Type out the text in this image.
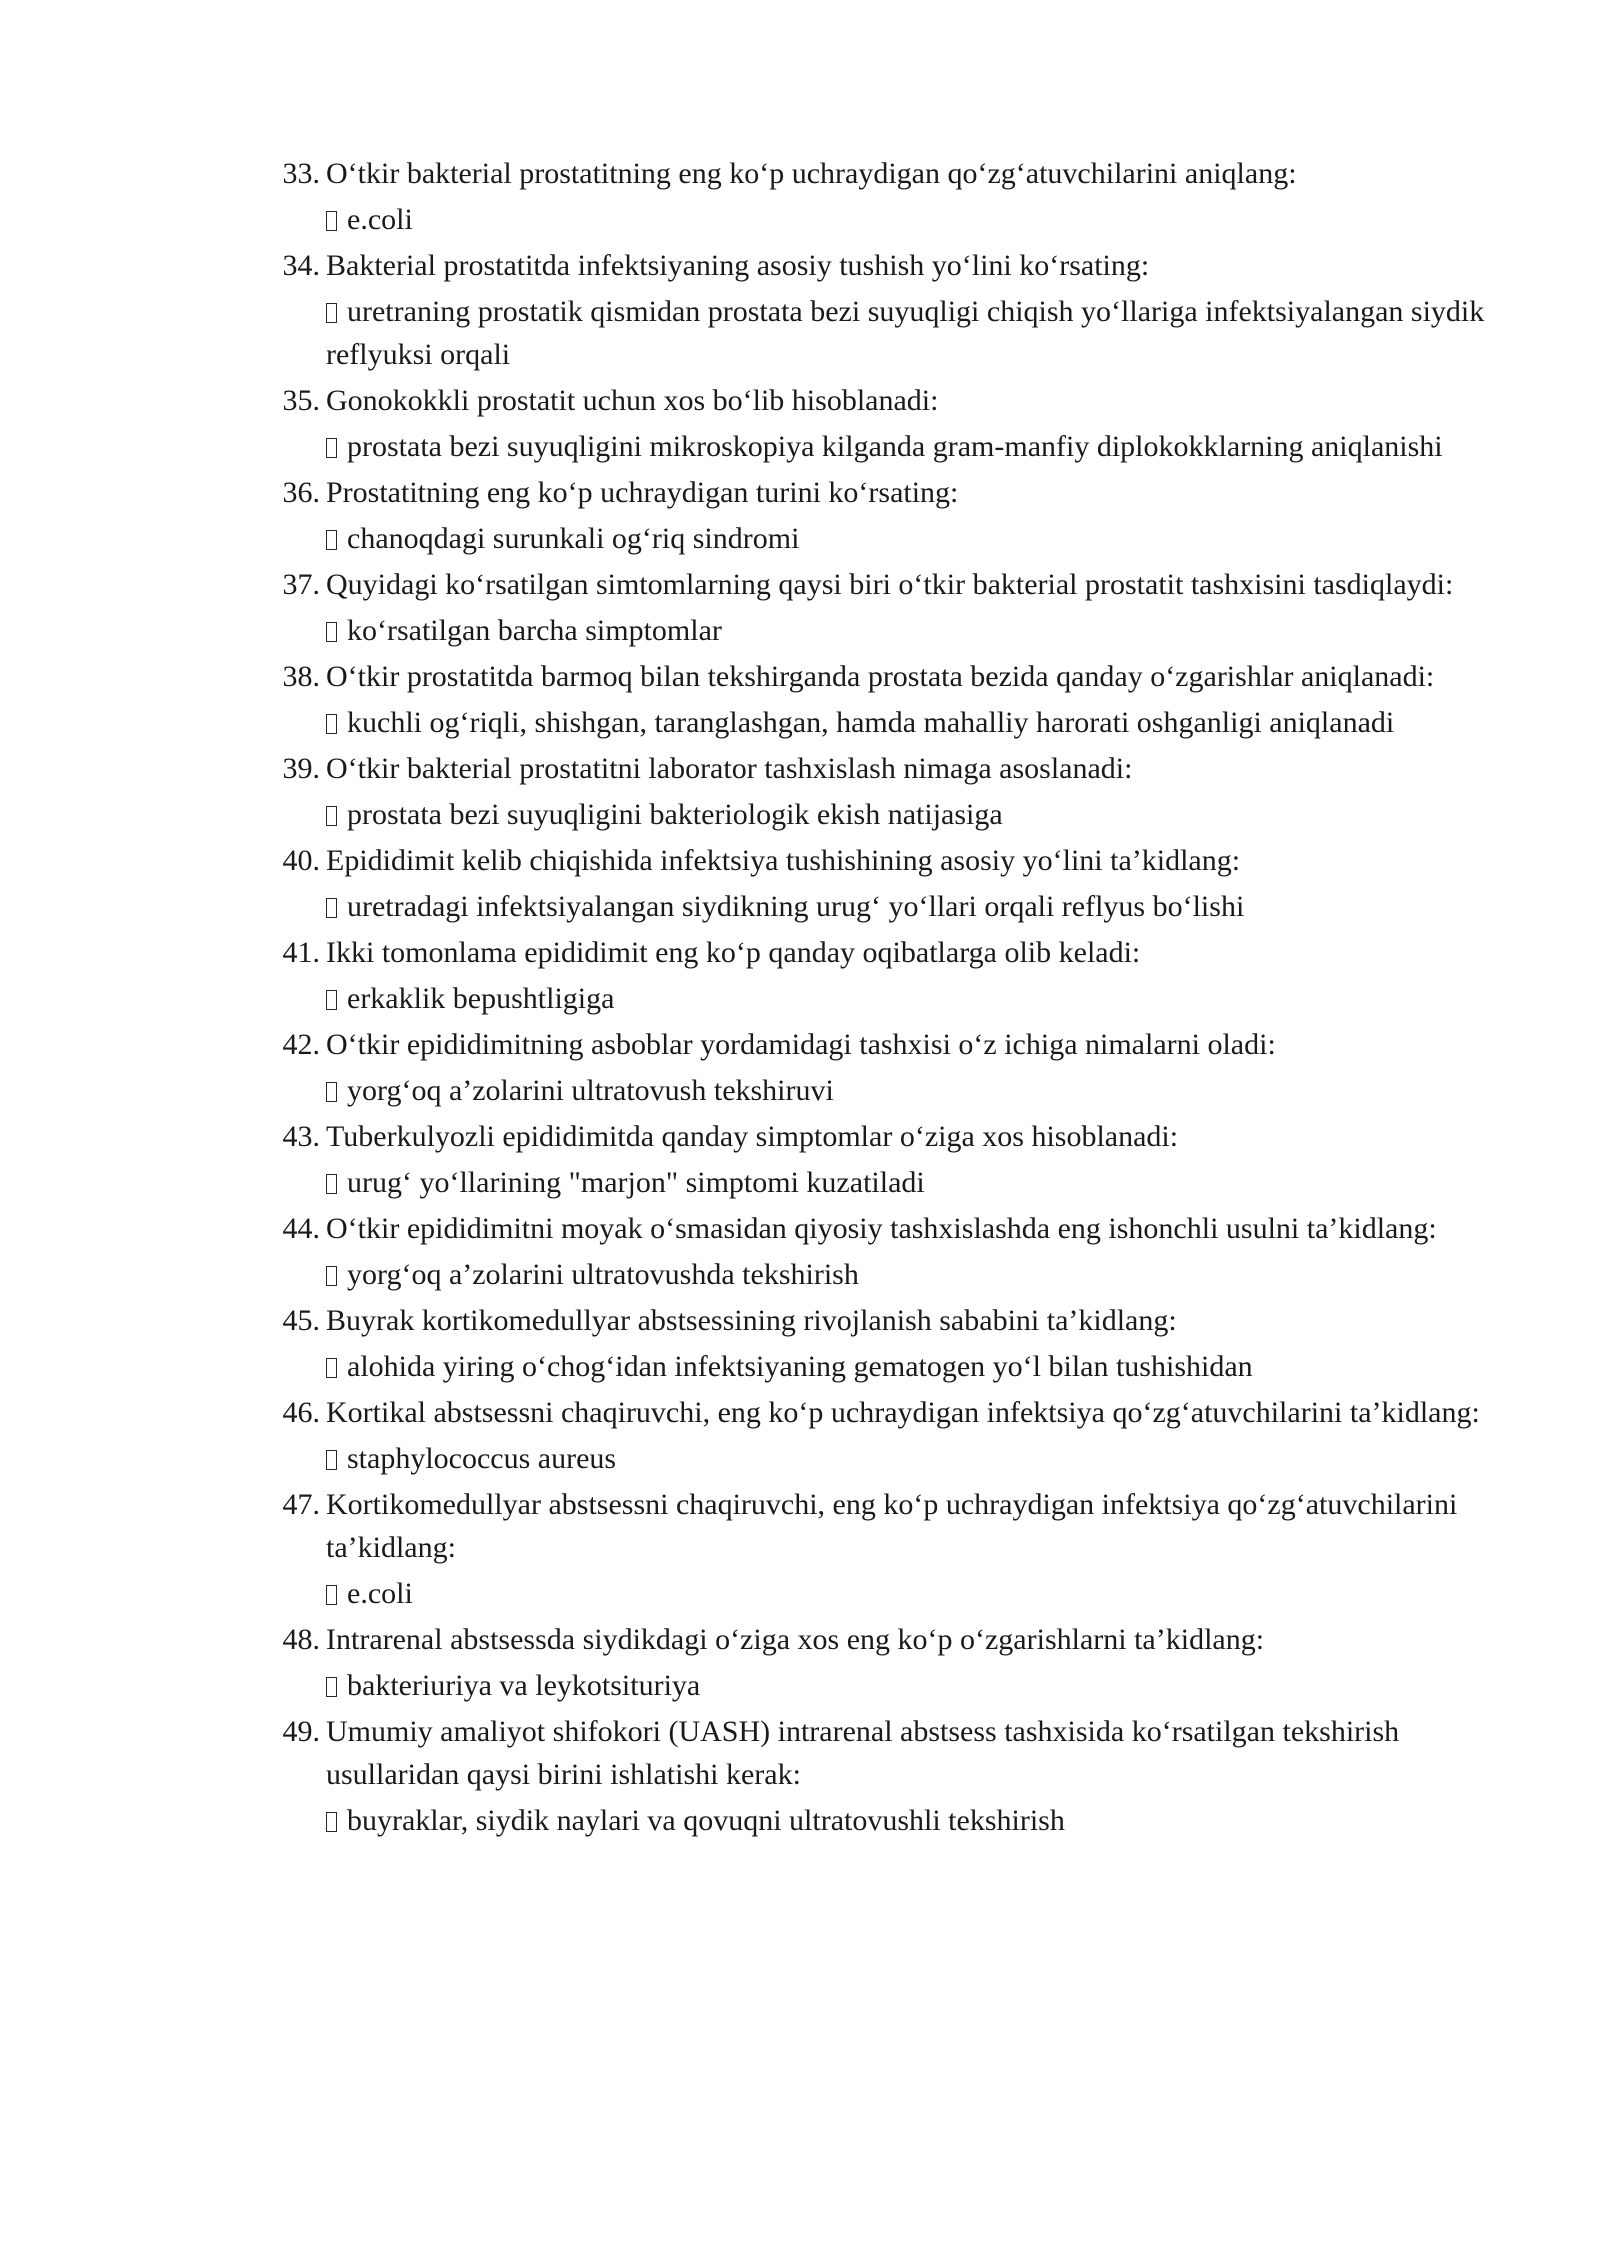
33. O‘tkir bakterial prostatitning eng ko‘p uchraydigan qo‘zg‘atuvchilarini aniqlang:
e.coli
34. Bakterial prostatitda infektsiyaning asosiy tushish yo‘lini ko‘rsating:
uretraning prostatik qismidan prostata bezi suyuqligi chiqish yo‘llariga infektsiyalangan siydik reflyuksi orqali
35. Gonokokkli prostatit uchun xos bo‘lib hisoblanadi:
prostata bezi suyuqligini mikroskopiya kilganda gram-manfiy diplokokklarning aniqlanishi
36. Prostatitning eng ko‘p uchraydigan turini ko‘rsating:
chanoqdagi surunkali og‘riq sindromi
37. Quyidagi ko‘rsatilgan simtomlarning qaysi biri o‘tkir bakterial prostatit tashxisini tasdiqlaydi:
ko‘rsatilgan barcha simptomlar
38. O‘tkir prostatitda barmoq bilan tekshirganda prostata bezida qanday o‘zgarishlar aniqlanadi:
kuchli og‘riqli, shishgan, taranglashgan, hamda mahalliy harorati oshganligi aniqlanadi
39. O‘tkir bakterial prostatitni laborator tashxislash nimaga asoslanadi:
prostata bezi suyuqligini bakteriologik ekish natijasiga
40. Epididimit kelib chiqishida infektsiya tushishining asosiy yo‘lini ta’kidlang:
uretradagi infektsiyalangan siydikning urug‘ yo‘llari orqali reflyus bo‘lishi
41. Ikki tomonlama epididimit eng ko‘p qanday oqibatlarga olib keladi:
erkaklik bepushtligiga
42. O‘tkir epididimitning asboblar yordamidagi tashxisi o‘z ichiga nimalarni oladi:
yorg‘oq a’zolarini ultratovush tekshiruvi
43. Tuberkulyozli epididimitda qanday simptomlar o‘ziga xos hisoblanadi:
urug‘ yo‘llarining "marjon" simptomi kuzatiladi
44. O‘tkir epididimitni moyak o‘smasidan qiyosiy tashxislashda eng ishonchli usulni ta’kidlang:
yorg‘oq a’zolarini ultratovushda tekshirish
45. Buyrak kortikomedullyar abstsessining rivojlanish sababini ta’kidlang:
alohida yiring o‘chog‘idan infektsiyaning gematogen yo‘l bilan tushishidan
46. Kortikal abstsessni chaqiruvchi, eng ko‘p uchraydigan infektsiya qo‘zg‘atuvchilarini ta’kidlang:
staphylococcus aureus
47. Kortikomedullyar abstsessni chaqiruvchi, eng ko‘p uchraydigan infektsiya qo‘zg‘atuvchilarini ta’kidlang:
e.coli
48. Intrarenal abstsessda siydikdagi o‘ziga xos eng ko‘p o‘zgarishlarni ta’kidlang:
bakteriuriya va leykotsituriya
49. Umumiy amaliyot shifokori (UASH) intrarenal abstsess tashxisida ko‘rsatilgan tekshirish usullaridan qaysi birini ishlatishi kerak:
buyraklar, siydik naylari va qovuqni ultratovushli tekshirish
